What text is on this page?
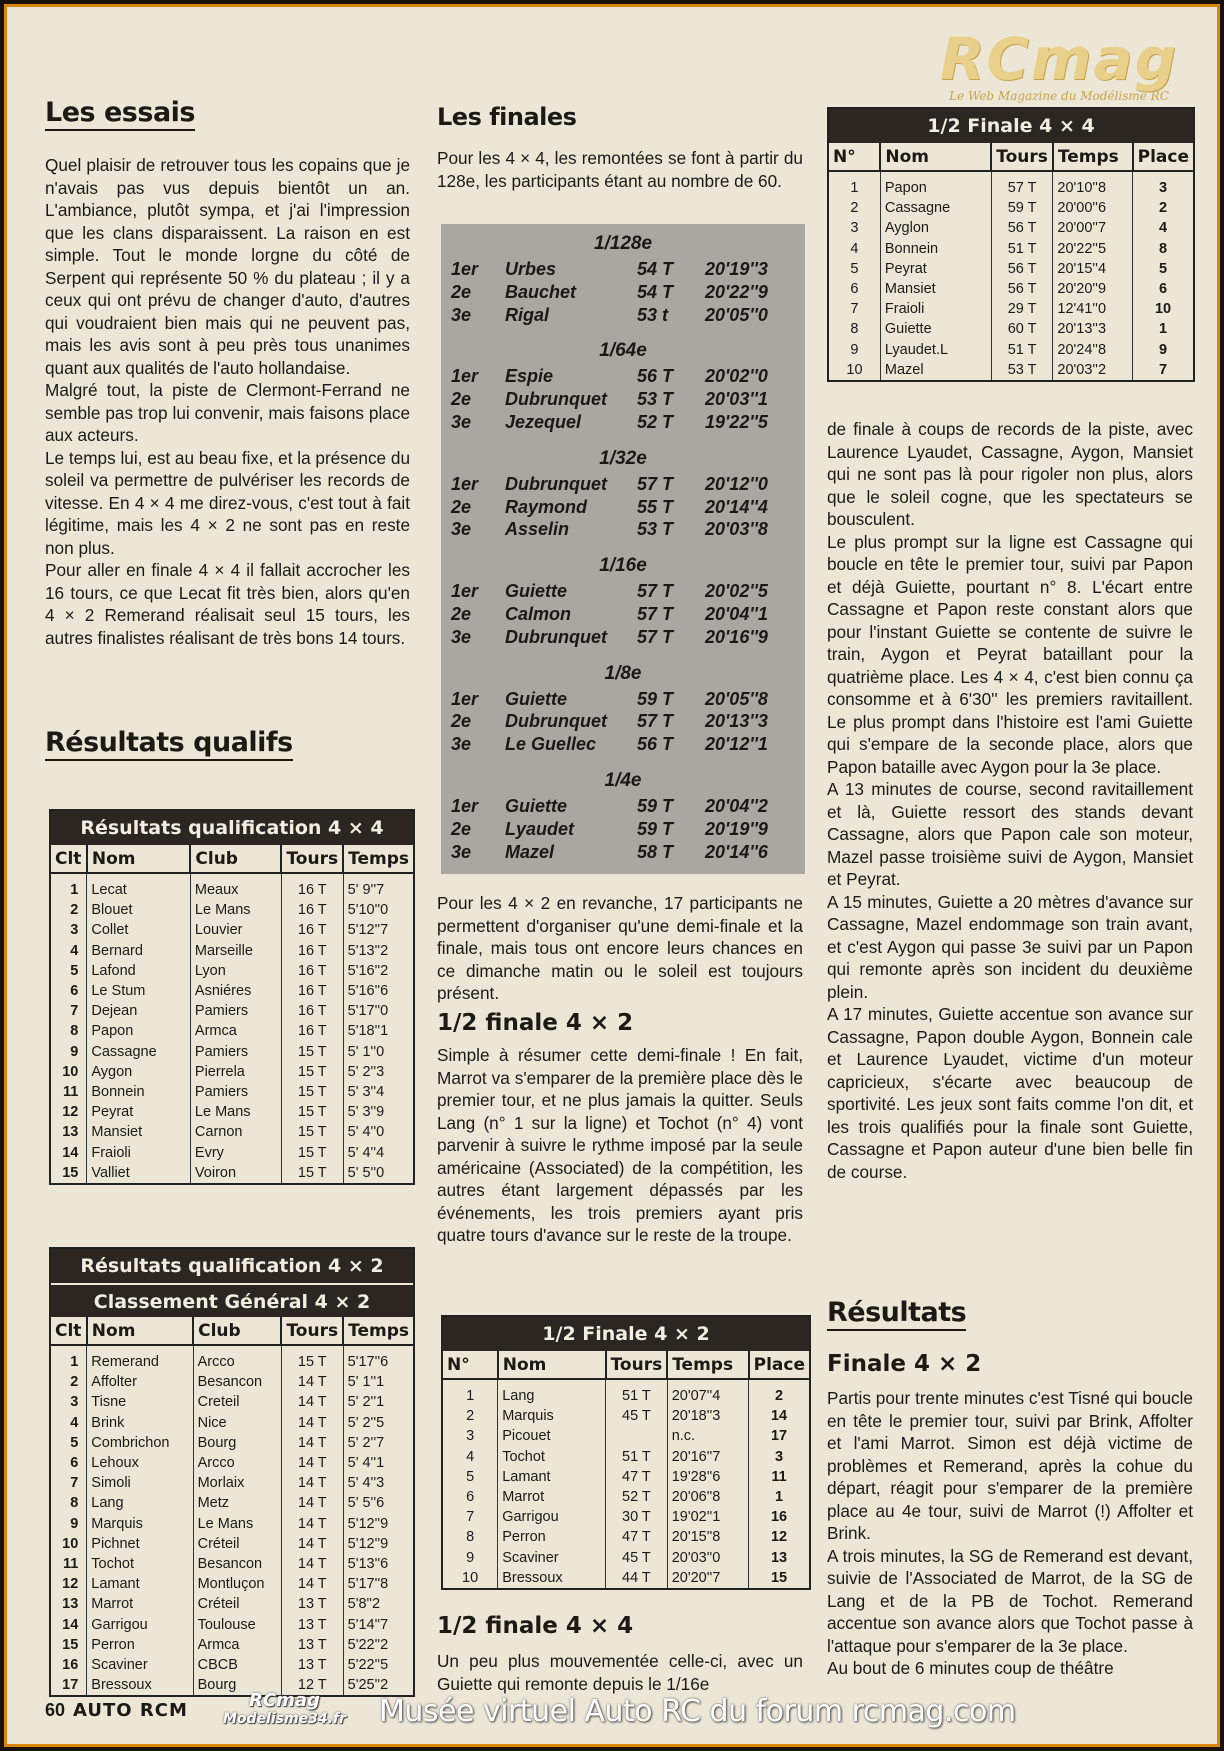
RCmag
Le Web Magazine du Modélisme RC
Les essais

Quel plaisir de retrouver tous les copains que je n'avais pas vus depuis bientôt un an. L'ambiance, plutôt sympa, et j'ai l'impression que les clans disparaissent. La raison en est simple. Tout le monde lorgne du côté de Serpent qui représente 50 % du plateau ; il y a ceux qui ont prévu de changer d'auto, d'autres qui voudraient bien mais qui ne peuvent pas, mais les avis sont à peu près tous unanimes quant aux qualités de l'auto hollandaise.

Malgré tout, la piste de Clermont-Ferrand ne semble pas trop lui convenir, mais faisons place aux acteurs.

Le temps lui, est au beau fixe, et la présence du soleil va permettre de pulvériser les records de vitesse. En 4 × 4 me direz-vous, c'est tout à fait légitime, mais les 4 × 2 ne sont pas en reste non plus.

Pour aller en finale 4 × 4 il fallait accrocher les 16 tours, ce que Lecat fit très bien, alors qu'en 4 × 2 Remerand réalisait seul 15 tours, les autres finalistes réalisant de très bons 14 tours.

Résultats qualifs
Résultats qualification 4 × 4
Clt	Nom	Club	Tours	Temps
1	Lecat	Meaux	16 T	5' 9''7
2	Blouet	Le Mans	16 T	5'10''0
3	Collet	Louvier	16 T	5'12''7
4	Bernard	Marseille	16 T	5'13''2
5	Lafond	Lyon	16 T	5'16''2
6	Le Stum	Asniéres	16 T	5'16''6
7	Dejean	Pamiers	16 T	5'17''0
8	Papon	Armca	16 T	5'18''1
9	Cassagne	Pamiers	15 T	5' 1''0
10	Aygon	Pierrela	15 T	5' 2''3
11	Bonnein	Pamiers	15 T	5' 3''4
12	Peyrat	Le Mans	15 T	5' 3''9
13	Mansiet	Carnon	15 T	5' 4''0
14	Fraioli	Evry	15 T	5' 4''4
15	Valliet	Voiron	15 T	5' 5''0
Résultats qualification 4 × 2
Classement Général 4 × 2
Clt	Nom	Club	Tours	Temps
1	Remerand	Arcco	15 T	5'17''6
2	Affolter	Besancon	14 T	5' 1''1
3	Tisne	Creteil	14 T	5' 2''1
4	Brink	Nice	14 T	5' 2''5
5	Combrichon	Bourg	14 T	5' 2''7
6	Lehoux	Arcco	14 T	5' 4''1
7	Simoli	Morlaix	14 T	5' 4''3
8	Lang	Metz	14 T	5' 5''6
9	Marquis	Le Mans	14 T	5'12''9
10	Pichnet	Créteil	14 T	5'12''9
11	Tochot	Besancon	14 T	5'13''6
12	Lamant	Montluçon	14 T	5'17''8
13	Marrot	Créteil	13 T	5'8''2
14	Garrigou	Toulouse	13 T	5'14''7
15	Perron	Armca	13 T	5'22''2
16	Scaviner	CBCB	13 T	5'22''5
17	Bressoux	Bourg	12 T	5'25''2
Les finales
Pour les 4 × 4, les remontées se font à partir du 128e, les participants étant au nombre de 60.
1/128e
1er Urbes	54 T 20'19''3
2e Bauchet	54 T 20'22''9
3e Rigal	53 t 20'05''0
1/64e
1er Espie	56 T 20'02''0
2e Dubrunquet 53 T 20'03''1
3e Jezequel	52 T 19'22''5
1/32e
1er Dubrunquet 57 T 20'12''0
2e Raymond	55 T 20'14''4
3e Asselin	53 T 20'03''8
1/16e
1er Guiette	57 T 20'02''5
2e Calmon	57 T 20'04''1
3e Dubrunquet 57 T 20'16''9
1/8e
1er Guiette	59 T 20'05''8
2e Dubrunquet 57 T 20'13''3
3e Le Guellec 56 T 20'12''1
1/4e
1er Guiette	59 T 20'04''2
2e Lyaudet	59 T 20'19''9
3e Mazel	58 T 20'14''6
Pour les 4 × 2 en revanche, 17 participants ne permettent d'organiser qu'une demi-finale et la finale, mais tous ont encore leurs chances en ce dimanche matin ou le soleil est toujours présent.
1/2 finale 4 × 2
Simple à résumer cette demi-finale ! En fait, Marrot va s'emparer de la première place dès le premier tour, et ne plus jamais la quitter. Seuls Lang (n° 1 sur la ligne) et Tochot (n° 4) vont parvenir à suivre le rythme imposé par la seule américaine (Associated) de la compétition, les autres étant largement dépassés par les événements, les trois premiers ayant pris quatre tours d'avance sur le reste de la troupe.
1/2 Finale 4 × 2
N°	Nom	Tours	Temps	Place
1	Lang	51 T	20'07''4	2
2	Marquis	45 T	20'18''3	14
3	Picouet		n.c.	17
4	Tochot	51 T	20'16''7	3
5	Lamant	47 T	19'28''6	11
6	Marrot	52 T	20'06''8	1
7	Garrigou	30 T	19'02''1	16
8	Perron	47 T	20'15''8	12
9	Scaviner	45 T	20'03''0	13
10	Bressoux	44 T	20'20''7	15
1/2 finale 4 × 4
Un peu plus mouvementée celle-ci, avec un Guiette qui remonte depuis le 1/16e
1/2 Finale 4 × 4
N°	Nom	Tours	Temps	Place
1	Papon	57 T	20'10''8	3
2	Cassagne	59 T	20'00''6	2
3	Ayglon	56 T	20'00''7	4
4	Bonnein	51 T	20'22''5	8
5	Peyrat	56 T	20'15''4	5
6	Mansiet	56 T	20'20''9	6
7	Fraioli	29 T	12'41''0	10
8	Guiette	60 T	20'13''3	1
9	Lyaudet.L	51 T	20'24''8	9
10	Mazel	53 T	20'03''2	7

de finale à coups de records de la piste, avec Laurence Lyaudet, Cassagne, Aygon, Mansiet qui ne sont pas là pour rigoler non plus, alors que le soleil cogne, que les spectateurs se bousculent.

Le plus prompt sur la ligne est Cassagne qui boucle en tête le premier tour, suivi par Papon et déjà Guiette, pourtant n° 8. L'écart entre Cassagne et Papon reste constant alors que pour l'instant Guiette se contente de suivre le train, Aygon et Peyrat bataillant pour la quatrième place. Les 4 × 4, c'est bien connu ça consomme et à 6'30'' les premiers ravitaillent. Le plus prompt dans l'histoire est l'ami Guiette qui s'empare de la seconde place, alors que Papon bataille avec Aygon pour la 3e place.

A 13 minutes de course, second ravitaillement et là, Guiette ressort des stands devant Cassagne, alors que Papon cale son moteur, Mazel passe troisième suivi de Aygon, Mansiet et Peyrat.

A 15 minutes, Guiette a 20 mètres d'avance sur Cassagne, Mazel endommage son train avant, et c'est Aygon qui passe 3e suivi par un Papon qui remonte après son incident du deuxième plein.

A 17 minutes, Guiette accentue son avance sur Cassagne, Papon double Aygon, Bonnein cale et Laurence Lyaudet, victime d'un moteur capricieux, s'écarte avec beaucoup de sportivité. Les jeux sont faits comme l'on dit, et les trois qualifiés pour la finale sont Guiette, Cassagne et Papon auteur d'une bien belle fin de course.

Résultats
Finale 4 × 2

Partis pour trente minutes c'est Tisné qui boucle en tête le premier tour, suivi par Brink, Affolter et l'ami Marrot. Simon est déjà victime de problèmes et Remerand, après la cohue du départ, réagit pour s'emparer de la première place au 4e tour, suivi de Marrot (!) Affolter et Brink.

A trois minutes, la SG de Remerand est devant, suivie de l'Associated de Marrot, de la SG de Lang et de la PB de Tochot. Remerand accentue son avance alors que Tochot passe à l'attaque pour s'emparer de la 3e place.

Au bout de 6 minutes coup de théâtre

60 AUTO RCM	RCmag
Modelisme34.fr Musée virtuel Auto RC du forum rcmag.com
